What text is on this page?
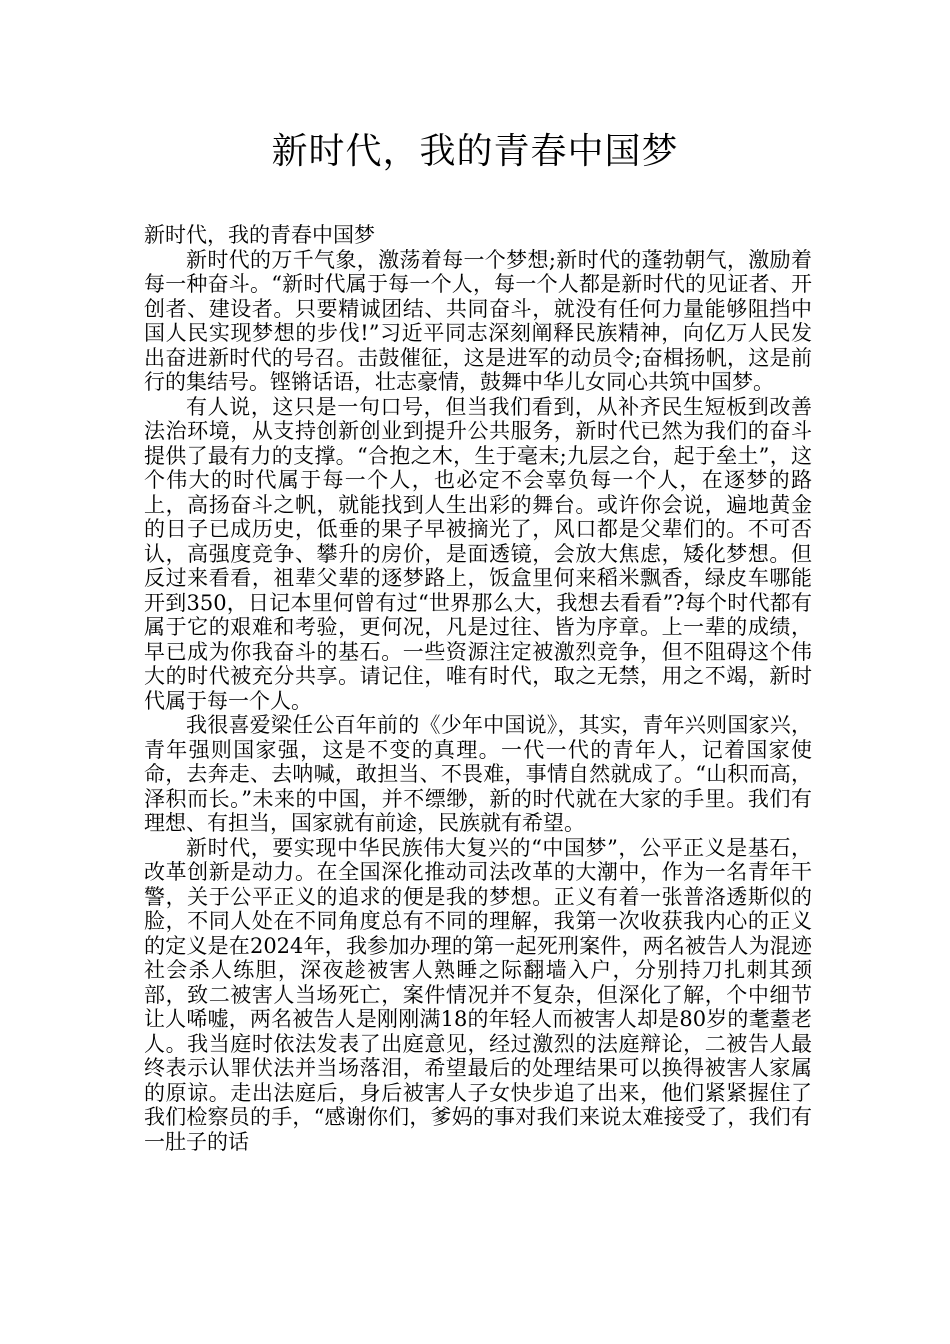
新时代，我的青春中国梦

新时代，我的青春中国梦

新时代的万千气象，激荡着每一个梦想;新时代的蓬勃朝气，激励着每一种奋斗。“新时代属于每一个人，每一个人都是新时代的见证者、开创者、建设者。只要精诚团结、共同奋斗，就没有任何力量能够阻挡中国人民实现梦想的步伐!”习近平同志深刻阐释民族精神，向亿万人民发出奋进新时代的号召。击鼓催征，这是进军的动员令;奋楫扬帆，这是前行的集结号。铿锵话语，壮志豪情，鼓舞中华儿女同心共筑中国梦。

有人说，这只是一句口号，但当我们看到，从补齐民生短板到改善法治环境，从支持创新创业到提升公共服务，新时代已然为我们的奋斗提供了最有力的支撑。“合抱之木，生于毫末;九层之台，起于垒土”，这个伟大的时代属于每一个人，也必定不会辜负每一个人，在逐梦的路上，高扬奋斗之帆，就能找到人生出彩的舞台。或许你会说，遍地黄金的日子已成历史，低垂的果子早被摘光了，风口都是父辈们的。不可否认，高强度竞争、攀升的房价，是面透镜，会放大焦虑，矮化梦想。但反过来看看，祖辈父辈的逐梦路上，饭盒里何来稻米飘香，绿皮车哪能开到350，日记本里何曾有过“世界那么大，我想去看看”?每个时代都有属于它的艰难和考验，更何况，凡是过往、皆为序章。上一辈的成绩，早已成为你我奋斗的基石。一些资源注定被激烈竞争，但不阻碍这个伟大的时代被充分共享。请记住，唯有时代，取之无禁，用之不竭，新时代属于每一个人。

我很喜爱梁任公百年前的《少年中国说》，其实，青年兴则国家兴，青年强则国家强，这是不变的真理。一代一代的青年人，记着国家使命，去奔走、去呐喊，敢担当、不畏难，事情自然就成了。“山积而高，泽积而长。”未来的中国，并不缥缈，新的时代就在大家的手里。我们有理想、有担当，国家就有前途，民族就有希望。

新时代，要实现中华民族伟大复兴的“中国梦”，公平正义是基石，改革创新是动力。在全国深化推动司法改革的大潮中，作为一名青年干警，关于公平正义的追求的便是我的梦想。正义有着一张普洛透斯似的脸，不同人处在不同角度总有不同的理解，我第一次收获我内心的正义的定义是在2024年，我参加办理的第一起死刑案件，两名被告人为混迹社会杀人练胆，深夜趁被害人熟睡之际翻墙入户，分别持刀扎刺其颈部，致二被害人当场死亡，案件情况并不复杂，但深化了解，个中细节让人唏嘘，两名被告人是刚刚满18的年轻人而被害人却是80岁的耄耋老人。我当庭时依法发表了出庭意见，经过激烈的法庭辩论，二被告人最终表示认罪伏法并当场落泪，希望最后的处理结果可以换得被害人家属的原谅。走出法庭后，身后被害人子女快步追了出来，他们紧紧握住了我们检察员的手，“感谢你们，爹妈的事对我们来说太难接受了，我们有一肚子的话
